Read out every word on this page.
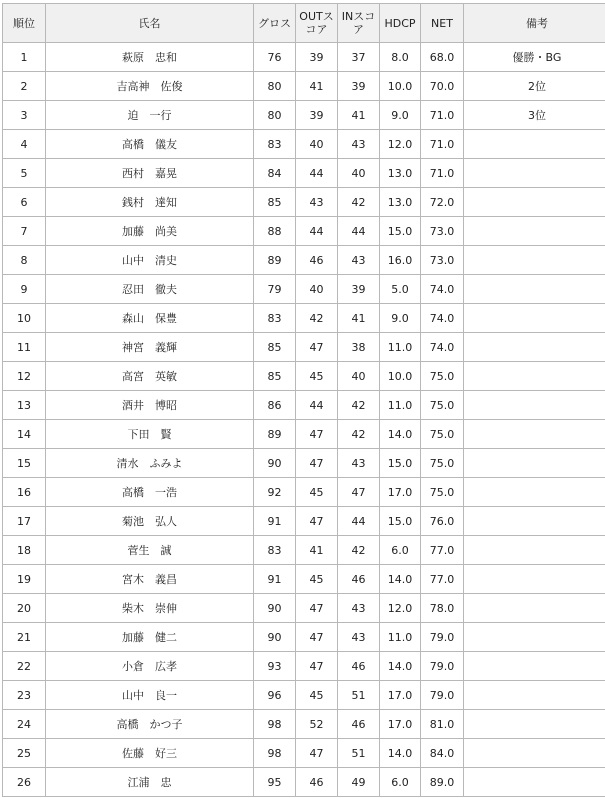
順位	氏名	グロス	OUTスコア	INスコア	HDCP	NET	備考
1	萩原　忠和	76	39	37	8.0	68.0	優勝・BG
2	吉高神　佐俊	80	41	39	10.0	70.0	2位
3	迫　一行	80	39	41	9.0	71.0	3位
4	高橋　儀友	83	40	43	12.0	71.0	
5	西村　嘉晃	84	44	40	13.0	71.0	
6	銭村　達知	85	43	42	13.0	72.0	
7	加藤　尚美	88	44	44	15.0	73.0	
8	山中　清史	89	46	43	16.0	73.0	
9	忍田　徹夫	79	40	39	5.0	74.0	
10	森山　保豊	83	42	41	9.0	74.0	
11	神宮　義輝	85	47	38	11.0	74.0	
12	高宮　英敏	85	45	40	10.0	75.0	
13	酒井　博昭	86	44	42	11.0	75.0	
14	下田　賢	89	47	42	14.0	75.0	
15	清水　ふみよ	90	47	43	15.0	75.0	
16	高橋　一浩	92	45	47	17.0	75.0	
17	菊池　弘人	91	47	44	15.0	76.0	
18	菅生　誠	83	41	42	6.0	77.0	
19	宮木　義昌	91	45	46	14.0	77.0	
20	柴木　崇伸	90	47	43	12.0	78.0	
21	加藤　健二	90	47	43	11.0	79.0	
22	小倉　広孝	93	47	46	14.0	79.0	
23	山中　良一	96	45	51	17.0	79.0	
24	高橋　かつ子	98	52	46	17.0	81.0	
25	佐藤　好三	98	47	51	14.0	84.0	
26	江浦　忠	95	46	49	6.0	89.0	
